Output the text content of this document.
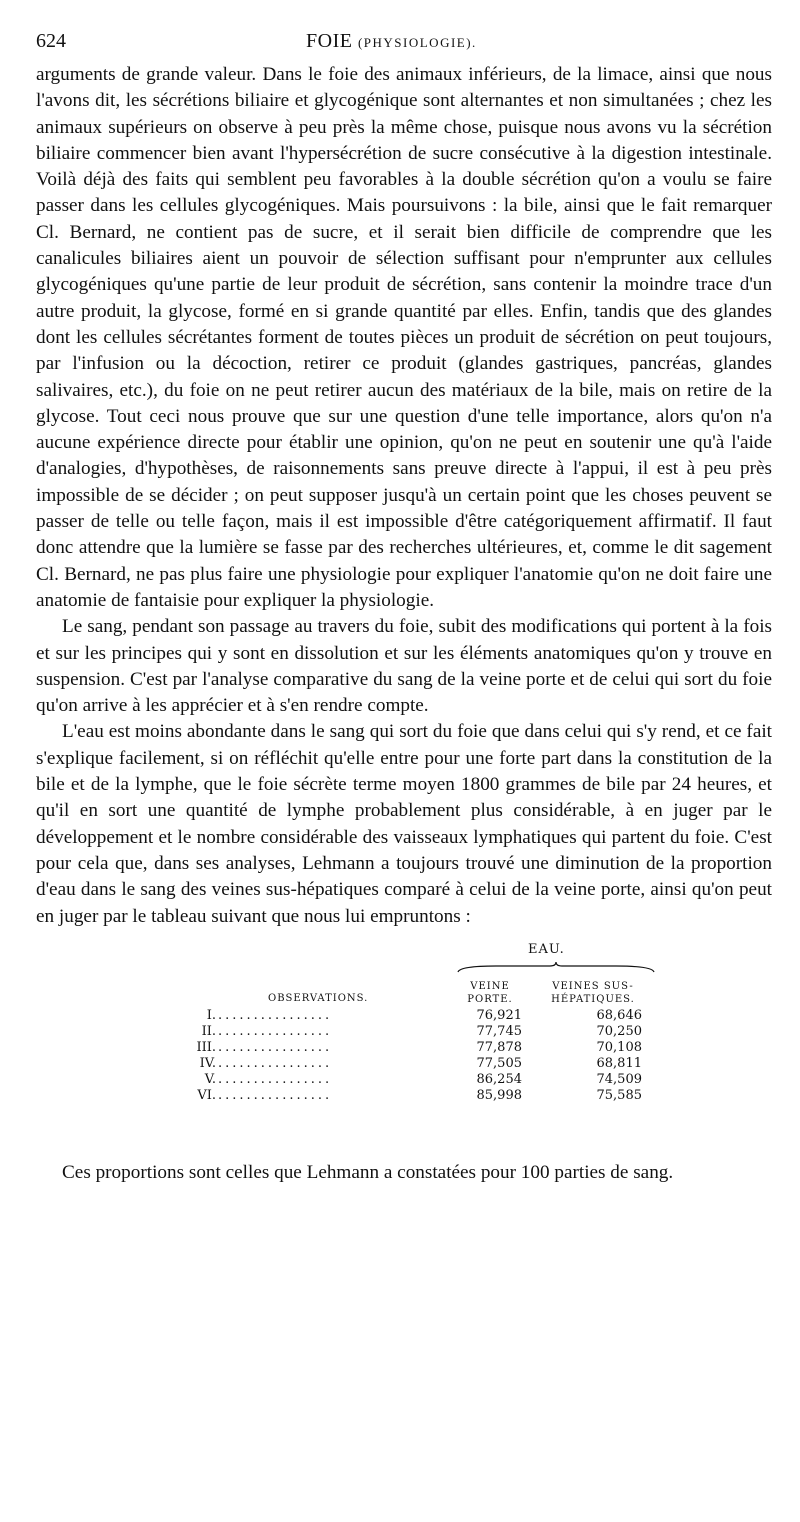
624	FOIE (PHYSIOLOGIE).

arguments de grande valeur. Dans le foie des animaux inférieurs, de la limace, ainsi que nous l'avons dit, les sécrétions biliaire et glycogénique sont alternantes et non simultanées ; chez les animaux supérieurs on observe à peu près la même chose, puisque nous avons vu la sécrétion biliaire commencer bien avant l'hypersécrétion de sucre consécutive à la digestion intestinale. Voilà déjà des faits qui semblent peu favorables à la double sécrétion qu'on a voulu se faire passer dans les cellules glycogéniques. Mais poursuivons : la bile, ainsi que le fait remarquer Cl. Bernard, ne contient pas de sucre, et il serait bien difficile de comprendre que les canalicules biliaires aient un pouvoir de sélection suffisant pour n'emprunter aux cellules glycogéniques qu'une partie de leur produit de sécrétion, sans contenir la moindre trace d'un autre produit, la glycose, formé en si grande quantité par elles. Enfin, tandis que des glandes dont les cellules sécrétantes forment de toutes pièces un produit de sécrétion on peut toujours, par l'infusion ou la décoction, retirer ce produit (glandes gastriques, pancréas, glandes salivaires, etc.), du foie on ne peut retirer aucun des matériaux de la bile, mais on retire de la glycose. Tout ceci nous prouve que sur une question d'une telle importance, alors qu'on n'a aucune expérience directe pour établir une opinion, qu'on ne peut en soutenir une qu'à l'aide d'analogies, d'hypothèses, de raisonnements sans preuve directe à l'appui, il est à peu près impossible de se décider ; on peut supposer jusqu'à un certain point que les choses peuvent se passer de telle ou telle façon, mais il est impossible d'être catégoriquement affirmatif. Il faut donc attendre que la lumière se fasse par des recherches ultérieures, et, comme le dit sagement Cl. Bernard, ne pas plus faire une physiologie pour expliquer l'anatomie qu'on ne doit faire une anatomie de fantaisie pour expliquer la physiologie.

Le sang, pendant son passage au travers du foie, subit des modifications qui portent à la fois et sur les principes qui y sont en dissolution et sur les éléments anatomiques qu'on y trouve en suspension. C'est par l'analyse comparative du sang de la veine porte et de celui qui sort du foie qu'on arrive à les apprécier et à s'en rendre compte.

L'eau est moins abondante dans le sang qui sort du foie que dans celui qui s'y rend, et ce fait s'explique facilement, si on réfléchit qu'elle entre pour une forte part dans la constitution de la bile et de la lymphe, que le foie sécrète terme moyen 1800 grammes de bile par 24 heures, et qu'il en sort une quantité de lymphe probablement plus considérable, à en juger par le développement et le nombre considérable des vaisseaux lymphatiques qui partent du foie. C'est pour cela que, dans ses analyses, Lehmann a toujours trouvé une diminution de la proportion d'eau dans le sang des veines sus-hépatiques comparé à celui de la veine porte, ainsi qu'on peut en juger par le tableau suivant que nous lui empruntons :

EAU.
OBSERVATIONS.
VEINE PORTE.
VEINES SUS-HÉPATIQUES.
I. ................	76,921	68,646
II. ................	77,745	70,250
III. ................	77,878	70,108
IV. ................	77,505	68,811
V. ................	86,254	74,509
VI. ................	85,998	75,585

Ces proportions sont celles que Lehmann a constatées pour 100 parties de sang.
